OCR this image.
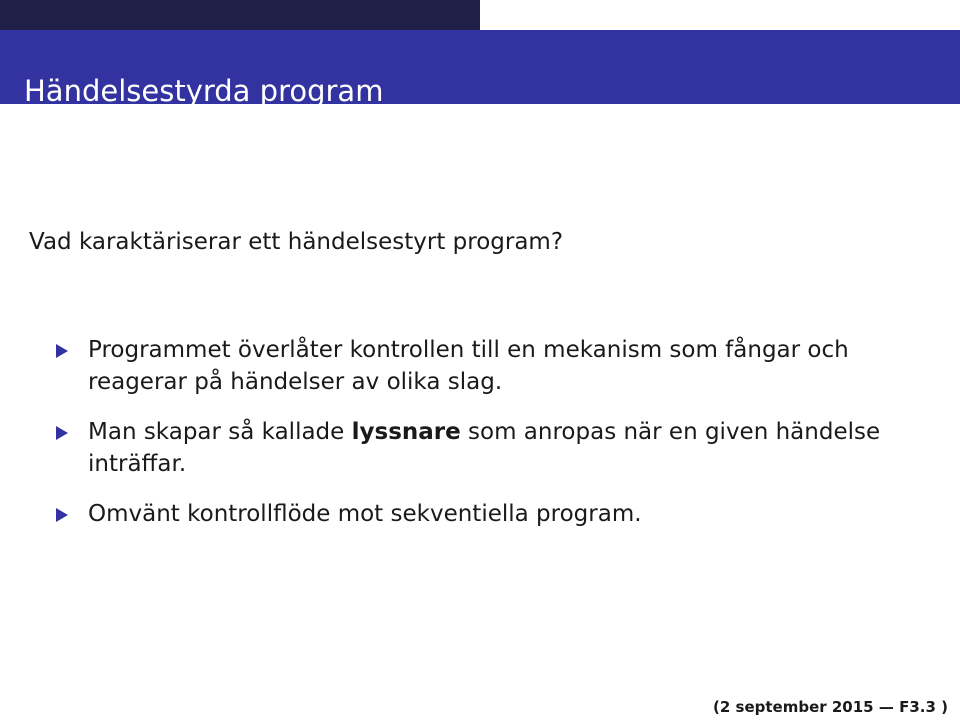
Händelsestyrda program
Vad karaktäriserar ett händelsestyrt program?
Programmet överlåter kontrollen till en mekanism som fångar och reagerar på händelser av olika slag.
Man skapar så kallade lyssnare som anropas när en given händelse inträffar.
Omvänt kontrollflöde mot sekventiella program.
(2 september 2015 — F3.3 )
